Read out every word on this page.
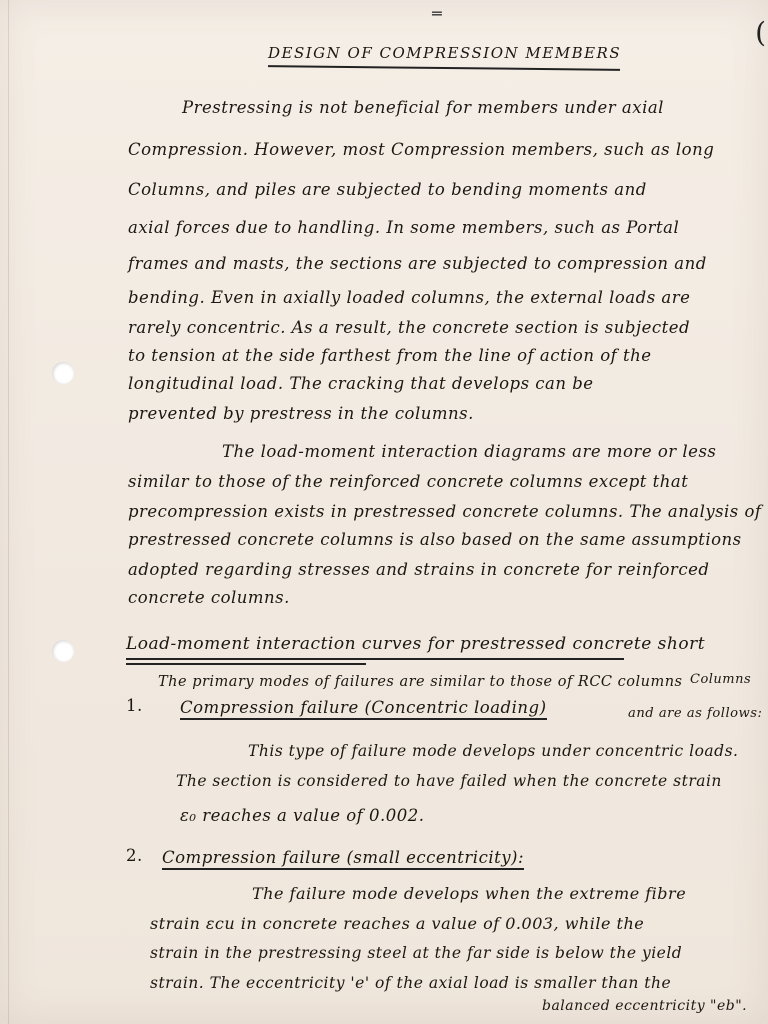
═
(
DESIGN OF COMPRESSION MEMBERS
Prestressing is not beneficial for members under axial
Compression. However, most Compression members, such as long
Columns, and piles are subjected to bending moments and
axial forces due to handling. In some members, such as Portal
frames and masts, the sections are subjected to compression and
bending. Even in axially loaded columns, the external loads are
rarely concentric. As a result, the concrete section is subjected
to tension at the side farthest from the line of action of the
longitudinal load. The cracking that develops can be
prevented by prestress in the columns.
The load-moment interaction diagrams are more or less
similar to those of the reinforced concrete columns except that
precompression exists in prestressed concrete columns. The analysis of
prestressed concrete columns is also based on the same assumptions
adopted regarding stresses and strains in concrete for reinforced
concrete columns.
Load-moment interaction curves for prestressed concrete short
Columns
The primary modes of failures are similar to those of RCC columns
and are as follows:
1. Compression failure (Concentric loading)
This type of failure mode develops under concentric loads.
The section is considered to have failed when the concrete strain
ε₀ reaches a value of 0.002.
2. Compression failure (small eccentricity):
The failure mode develops when the extreme fibre
strain εcu in concrete reaches a value of 0.003, while the
strain in the prestressing steel at the far side is below the yield
strain. The eccentricity 'e' of the axial load is smaller than the
balanced eccentricity "eb".
